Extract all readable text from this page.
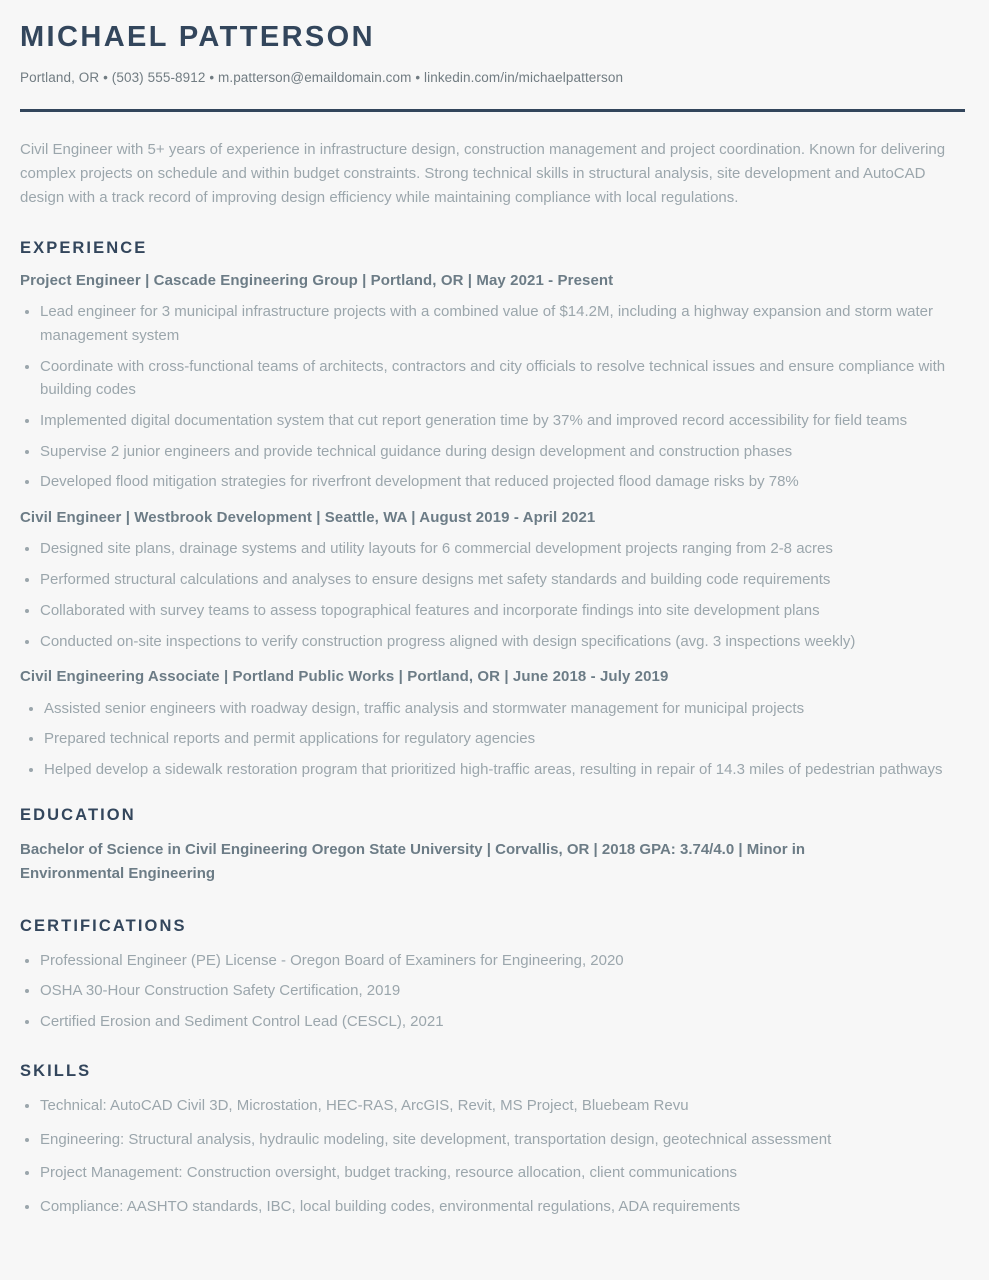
MICHAEL PATTERSON
Portland, OR • (503) 555-8912 • m.patterson@emaildomain.com • linkedin.com/in/michaelpatterson

Civil Engineer with 5+ years of experience in infrastructure design, construction management and project coordination. Known for delivering complex projects on schedule and within budget constraints. Strong technical skills in structural analysis, site development and AutoCAD design with a track record of improving design efficiency while maintaining compliance with local regulations.

EXPERIENCE
Project Engineer | Cascade Engineering Group | Portland, OR | May 2021 - Present
Lead engineer for 3 municipal infrastructure projects with a combined value of $14.2M, including a highway expansion and storm water management system
Coordinate with cross-functional teams of architects, contractors and city officials to resolve technical issues and ensure compliance with building codes
Implemented digital documentation system that cut report generation time by 37% and improved record accessibility for field teams
Supervise 2 junior engineers and provide technical guidance during design development and construction phases
Developed flood mitigation strategies for riverfront development that reduced projected flood damage risks by 78%
Civil Engineer | Westbrook Development | Seattle, WA | August 2019 - April 2021
Designed site plans, drainage systems and utility layouts for 6 commercial development projects ranging from 2-8 acres
Performed structural calculations and analyses to ensure designs met safety standards and building code requirements
Collaborated with survey teams to assess topographical features and incorporate findings into site development plans
Conducted on-site inspections to verify construction progress aligned with design specifications (avg. 3 inspections weekly)
Civil Engineering Associate | Portland Public Works | Portland, OR | June 2018 - July 2019
Assisted senior engineers with roadway design, traffic analysis and stormwater management for municipal projects
Prepared technical reports and permit applications for regulatory agencies
Helped develop a sidewalk restoration program that prioritized high-traffic areas, resulting in repair of 14.3 miles of pedestrian pathways
EDUCATION

Bachelor of Science in Civil Engineering Oregon State University | Corvallis, OR | 2018 GPA: 3.74/4.0 | Minor in Environmental Engineering

CERTIFICATIONS
Professional Engineer (PE) License - Oregon Board of Examiners for Engineering, 2020
OSHA 30-Hour Construction Safety Certification, 2019
Certified Erosion and Sediment Control Lead (CESCL), 2021
SKILLS
Technical: AutoCAD Civil 3D, Microstation, HEC-RAS, ArcGIS, Revit, MS Project, Bluebeam Revu
Engineering: Structural analysis, hydraulic modeling, site development, transportation design, geotechnical assessment
Project Management: Construction oversight, budget tracking, resource allocation, client communications
Compliance: AASHTO standards, IBC, local building codes, environmental regulations, ADA requirements
